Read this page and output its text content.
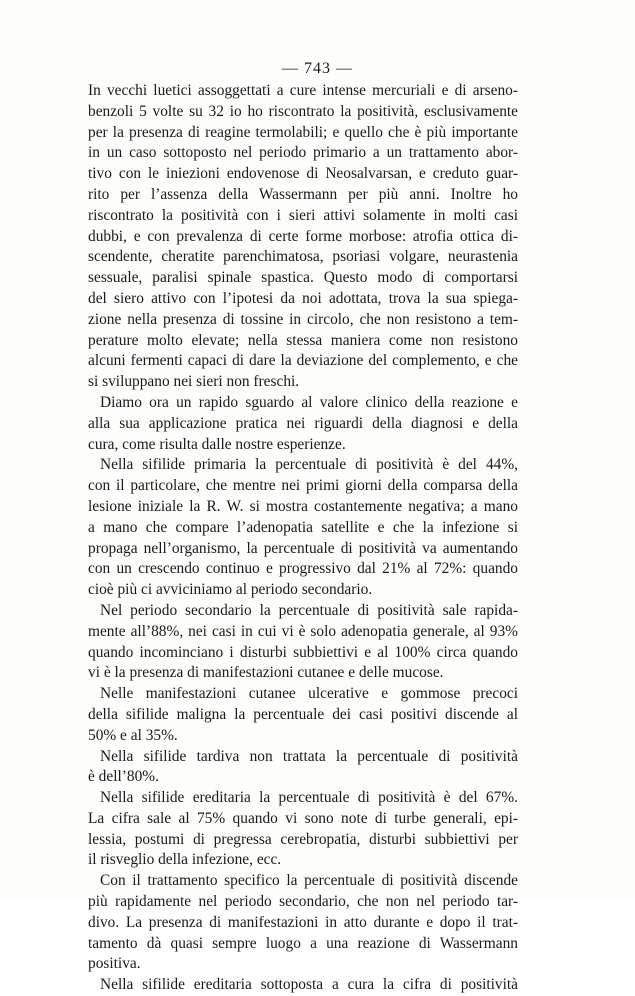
— 743 —
In vecchi luetici assoggettati a cure intense mercuriali e di arseno-
benzoli 5 volte su 32 io ho riscontrato la positività, esclusivamente
per la presenza di reagine termolabili; e quello che è più importante
in un caso sottoposto nel periodo primario a un trattamento abor-
tivo con le iniezioni endovenose di Neosalvarsan, e creduto guar-
rito per l’assenza della Wassermann per più anni. Inoltre ho
riscontrato la positività con i sieri attivi solamente in molti casi
dubbi, e con prevalenza di certe forme morbose: atrofia ottica di-
scendente, cheratite parenchimatosa, psoriasi volgare, neurastenia
sessuale, paralisi spinale spastica. Questo modo di comportarsi
del siero attivo con l’ipotesi da noi adottata, trova la sua spiega-
zione nella presenza di tossine in circolo, che non resistono a tem-
perature molto elevate; nella stessa maniera come non resistono
alcuni fermenti capaci di dare la deviazione del complemento, e che
si sviluppano nei sieri non freschi.
Diamo ora un rapido sguardo al valore clinico della reazione e
alla sua applicazione pratica nei riguardi della diagnosi e della
cura, come risulta dalle nostre esperienze.
Nella sifilide primaria la percentuale di positività è del 44%,
con il particolare, che mentre nei primi giorni della comparsa della
lesione iniziale la R. W. si mostra costantemente negativa; a mano
a mano che compare l’adenopatia satellite e che la infezione si
propaga nell’organismo, la percentuale di positività va aumentando
con un crescendo continuo e progressivo dal 21% al 72%: quando
cioè più ci avviciniamo al periodo secondario.
Nel periodo secondario la percentuale di positività sale rapida-
mente all’88%, nei casi in cui vi è solo adenopatia generale, al 93%
quando incominciano i disturbi subbiettivi e al 100% circa quando
vi è la presenza di manifestazioni cutanee e delle mucose.
Nelle manifestazioni cutanee ulcerative e gommose precoci
della sifilide maligna la percentuale dei casi positivi discende al
50% e al 35%.
Nella sifilide tardiva non trattata la percentuale di positività
è dell’80%.
Nella sifilide ereditaria la percentuale di positività è del 67%.
La cifra sale al 75% quando vi sono note di turbe generali, epi-
lessia, postumi di pregressa cerebropatia, disturbi subbiettivi per
il risveglio della infezione, ecc.
Con il trattamento specifico la percentuale di positività discende
più rapidamente nel periodo secondario, che non nel periodo tar-
divo. La presenza di manifestazioni in atto durante e dopo il trat-
tamento dà quasi sempre luogo a una reazione di Wassermann
positiva.
Nella sifilide ereditaria sottoposta a cura la cifra di positività
